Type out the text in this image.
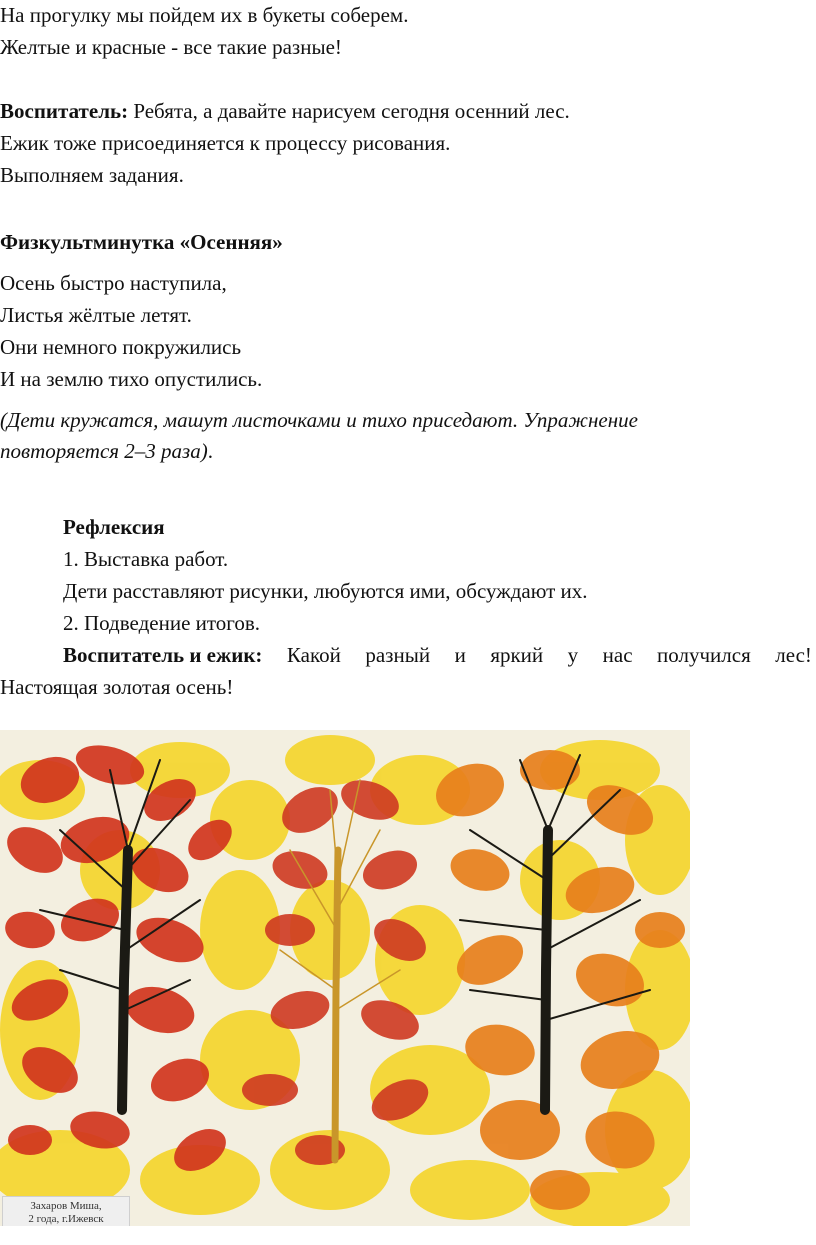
На прогулку мы пойдем их в букеты соберем.
Желтые и красные - все такие разные!
Воспитатель: Ребята, а давайте нарисуем сегодня осенний лес.
Ежик тоже присоединяется к процессу рисования.
Выполняем задания.
Физкультминутка «Осенняя»
Осень быстро наступила,
Листья жёлтые летят.
Они немного покружились
И на землю тихо опустились.
(Дети кружатся, машут листочками и тихо приседают. Упражнение
повторяется 2–3 раза).
Рефлексия
1. Выставка работ.
Дети расставляют рисунки, любуются ими, обсуждают их.
2. Подведение итогов.
Воспитатель и ежик: Какой разный и яркий у нас получился лес!
Настоящая золотая осень!
Захаров Миша,
2 года, г.Ижевск
